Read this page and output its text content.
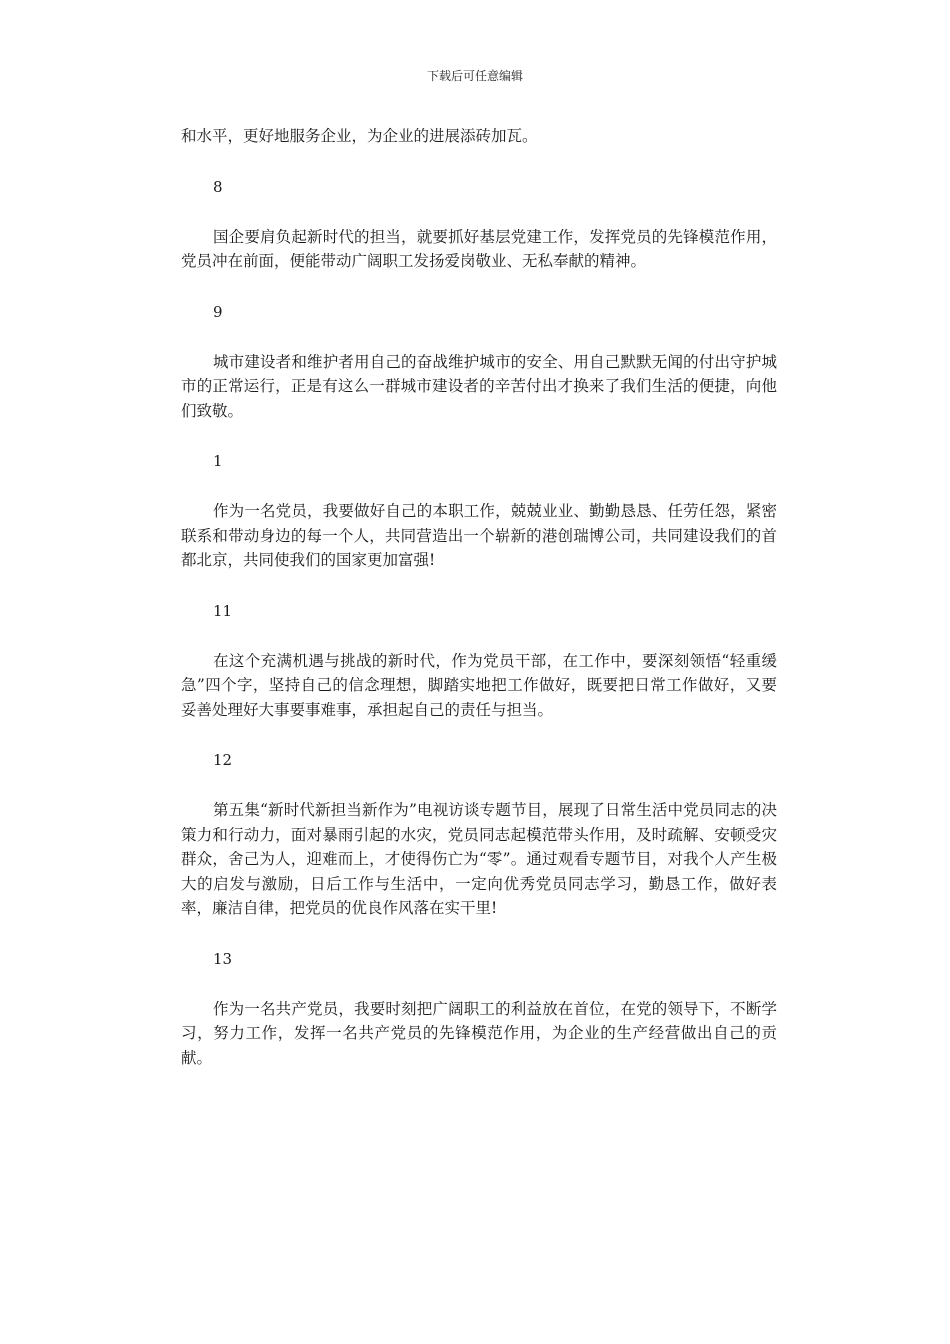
下载后可任意编辑

和水平，更好地服务企业，为企业的进展添砖加瓦。

8

国企要肩负起新时代的担当，就要抓好基层党建工作，发挥党员的先锋模范作用，党员冲在前面，便能带动广阔职工发扬爱岗敬业、无私奉献的精神。

9

城市建设者和维护者用自己的奋战维护城市的安全、用自己默默无闻的付出守护城市的正常运行，正是有这么一群城市建设者的辛苦付出才换来了我们生活的便捷，向他们致敬。

1

作为一名党员，我要做好自己的本职工作，兢兢业业、勤勤恳恳、任劳任怨，紧密联系和带动身边的每一个人，共同营造出一个崭新的港创瑞博公司，共同建设我们的首都北京，共同使我们的国家更加富强!

11

在这个充满机遇与挑战的新时代，作为党员干部，在工作中，要深刻领悟“轻重缓急”四个字，坚持自己的信念理想，脚踏实地把工作做好，既要把日常工作做好，又要妥善处理好大事要事难事，承担起自己的责任与担当。

12

第五集“新时代新担当新作为”电视访谈专题节目，展现了日常生活中党员同志的决策力和行动力，面对暴雨引起的水灾，党员同志起模范带头作用，及时疏解、安顿受灾群众，舍己为人，迎难而上，才使得伤亡为“零”。通过观看专题节目，对我个人产生极大的启发与激励，日后工作与生活中，一定向优秀党员同志学习，勤恳工作，做好表率，廉洁自律，把党员的优良作风落在实干里!

13

作为一名共产党员，我要时刻把广阔职工的利益放在首位，在党的领导下，不断学习，努力工作，发挥一名共产党员的先锋模范作用，为企业的生产经营做出自己的贡献。
